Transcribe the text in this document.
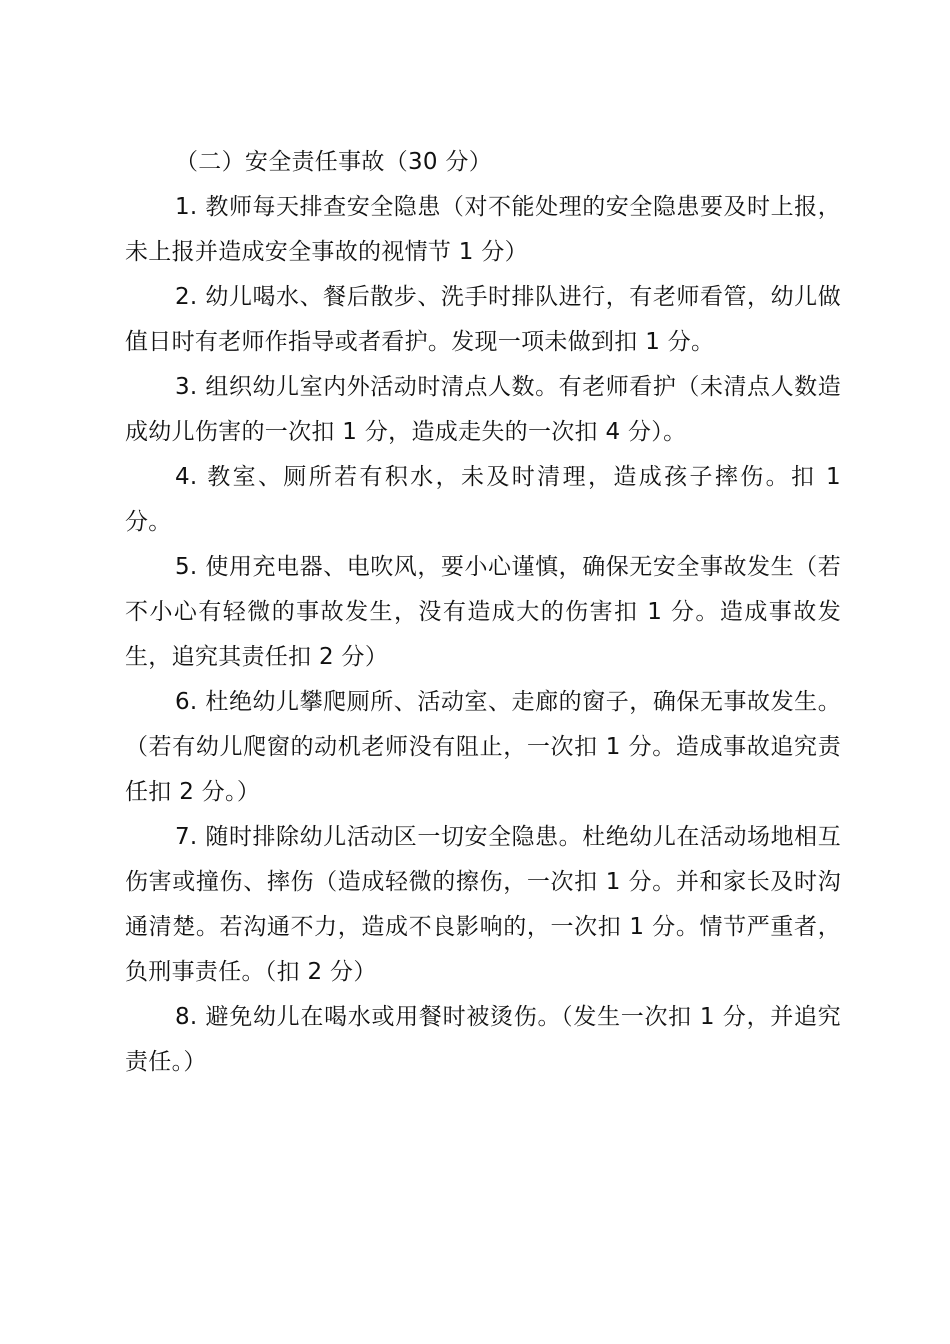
（二）安全责任事故（30 分）

1. 教师每天排查安全隐患（对不能处理的安全隐患要及时上报，未上报并造成安全事故的视情节 1 分）

2. 幼儿喝水、餐后散步、洗手时排队进行，有老师看管，幼儿做值日时有老师作指导或者看护。发现一项未做到扣 1 分。

3. 组织幼儿室内外活动时清点人数。有老师看护（未清点人数造成幼儿伤害的一次扣 1 分，造成走失的一次扣 4 分）。

4. 教室、厕所若有积水，未及时清理，造成孩子摔伤。扣 1 分。

5. 使用充电器、电吹风，要小心谨慎，确保无安全事故发生（若不小心有轻微的事故发生，没有造成大的伤害扣 1 分。造成事故发生，追究其责任扣 2 分）

6. 杜绝幼儿攀爬厕所、活动室、走廊的窗子，确保无事故发生。（若有幼儿爬窗的动机老师没有阻止，一次扣 1 分。造成事故追究责任扣 2 分。）

7. 随时排除幼儿活动区一切安全隐患。杜绝幼儿在活动场地相互伤害或撞伤、摔伤（造成轻微的擦伤，一次扣 1 分。并和家长及时沟通清楚。若沟通不力，造成不良影响的，一次扣 1 分。情节严重者，负刑事责任。（扣 2 分）

8. 避免幼儿在喝水或用餐时被烫伤。（发生一次扣 1 分，并追究责任。）
